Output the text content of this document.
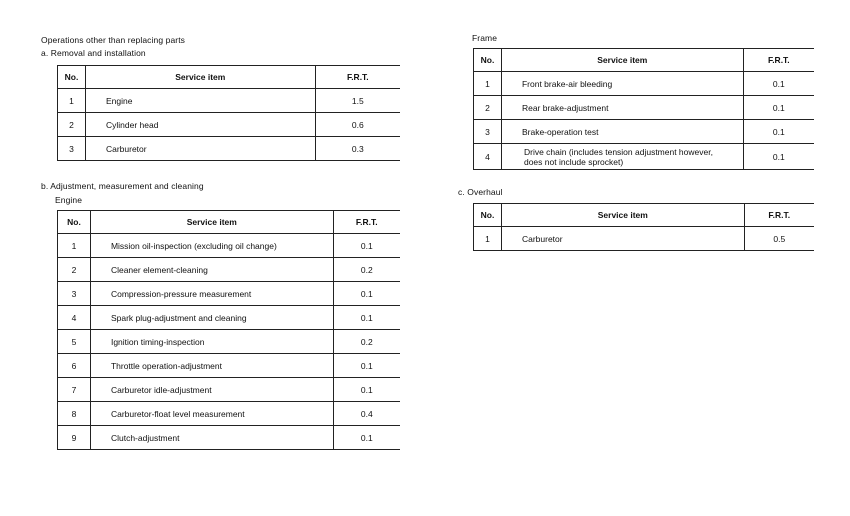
Operations other than replacing parts
a. Removal and installation
No.	Service item	F.R.T.
1	Engine	1.5
2	Cylinder head	0.6
3	Carburetor	0.3
b. Adjustment, measurement and cleaning
Engine
No.	Service item	F.R.T.
1	Mission oil-inspection (excluding oil change)	0.1
2	Cleaner element-cleaning	0.2
3	Compression-pressure measurement	0.1
4	Spark plug-adjustment and cleaning	0.1
5	Ignition timing-inspection	0.2
6	Throttle operation-adjustment	0.1
7	Carburetor idle-adjustment	0.1
8	Carburetor-float level measurement	0.4
9	Clutch-adjustment	0.1
Frame
No.	Service item	F.R.T.
1	Front brake-air bleeding	0.1
2	Rear brake-adjustment	0.1
3	Brake-operation test	0.1
4	Drive chain (includes tension adjustment however, does not include sprocket)	0.1
c. Overhaul
No.	Service item	F.R.T.
1	Carburetor	0.5
